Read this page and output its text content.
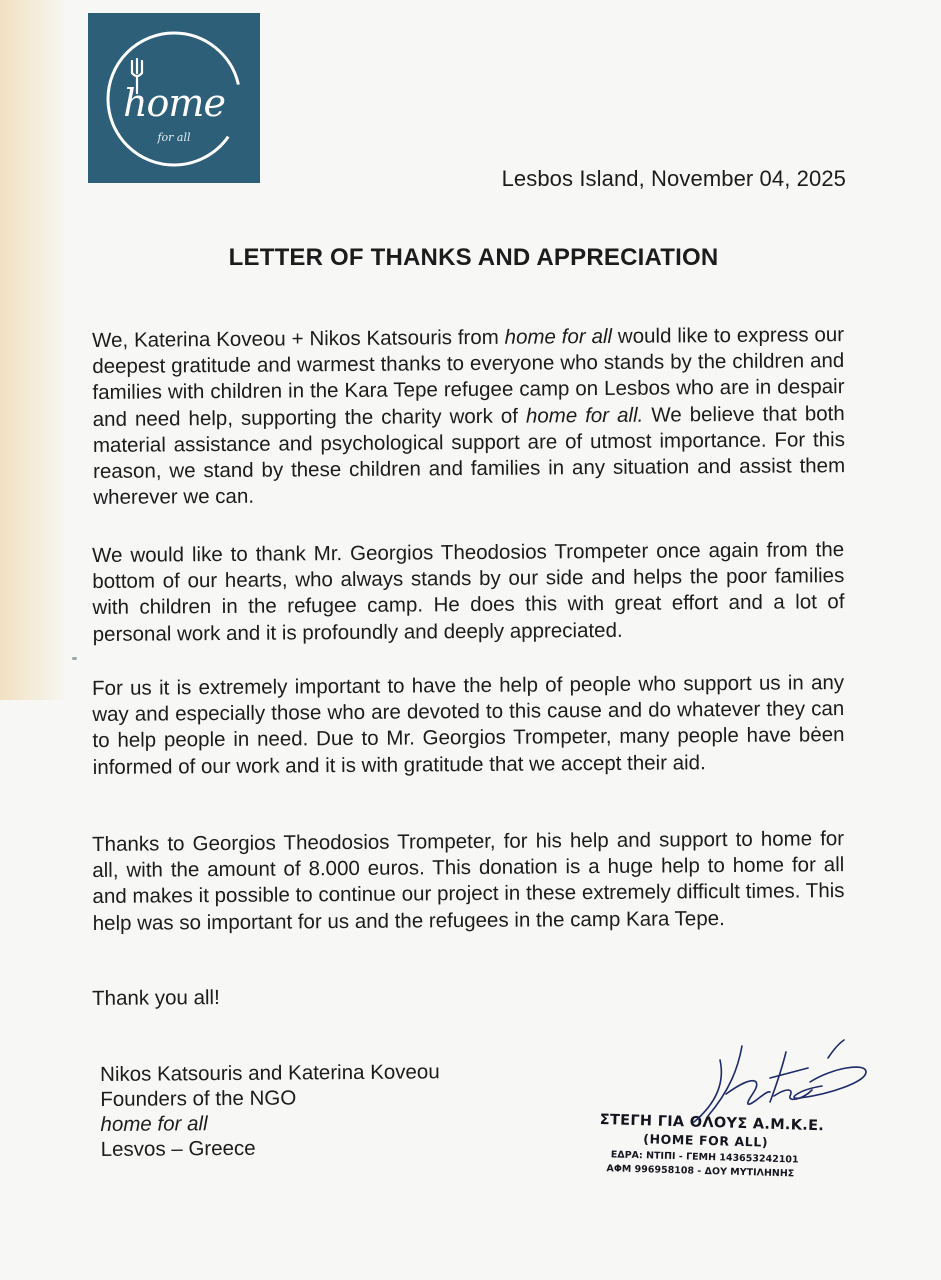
home
for all
Lesbos Island, November 04, 2025
LETTER OF THANKS AND APPRECIATION

We, Katerina Koveou + Nikos Katsouris from home for all would like to express our deepest gratitude and warmest thanks to everyone who stands by the children and families with children in the Kara Tepe refugee camp on Lesbos who are in despair and need help, supporting the charity work of home for all. We believe that both material assistance and psychological support are of utmost importance. For this reason, we stand by these children and families in any situation and assist them wherever we can.

We would like to thank Mr. Georgios Theodosios Trompeter once again from the bottom of our hearts, who always stands by our side and helps the poor families with children in the refugee camp. He does this with great effort and a lot of personal work and it is profoundly and deeply appreciated.

For us it is extremely important to have the help of people who support us in any way and especially those who are devoted to this cause and do whatever they can to help people in need. Due to Mr. Georgios Trompeter, many people have bėen informed of our work and it is with gratitude that we accept their aid.

Thanks to Georgios Theodosios Trompeter, for his help and support to home for all, with the amount of 8.000 euros. This donation is a huge help to home for all and makes it possible to continue our project in these extremely difficult times. This help was so important for us and the refugees in the camp Kara Tepe.

Thank you all!

Nikos Katsouris and Katerina Koveou
Founders of the NGO
home for all
Lesvos – Greece
ΣΤΕΓΗ ΓΙΑ ΟΛΟΥΣ Α.Μ.Κ.Ε.
(HOME FOR ALL)
ΕΔΡΑ: ΝΤΙΠΙ - ΓΕΜΗ 143653242101
ΑΦΜ 996958108 - ΔΟΥ ΜΥΤΙΛΗΝΗΣ
